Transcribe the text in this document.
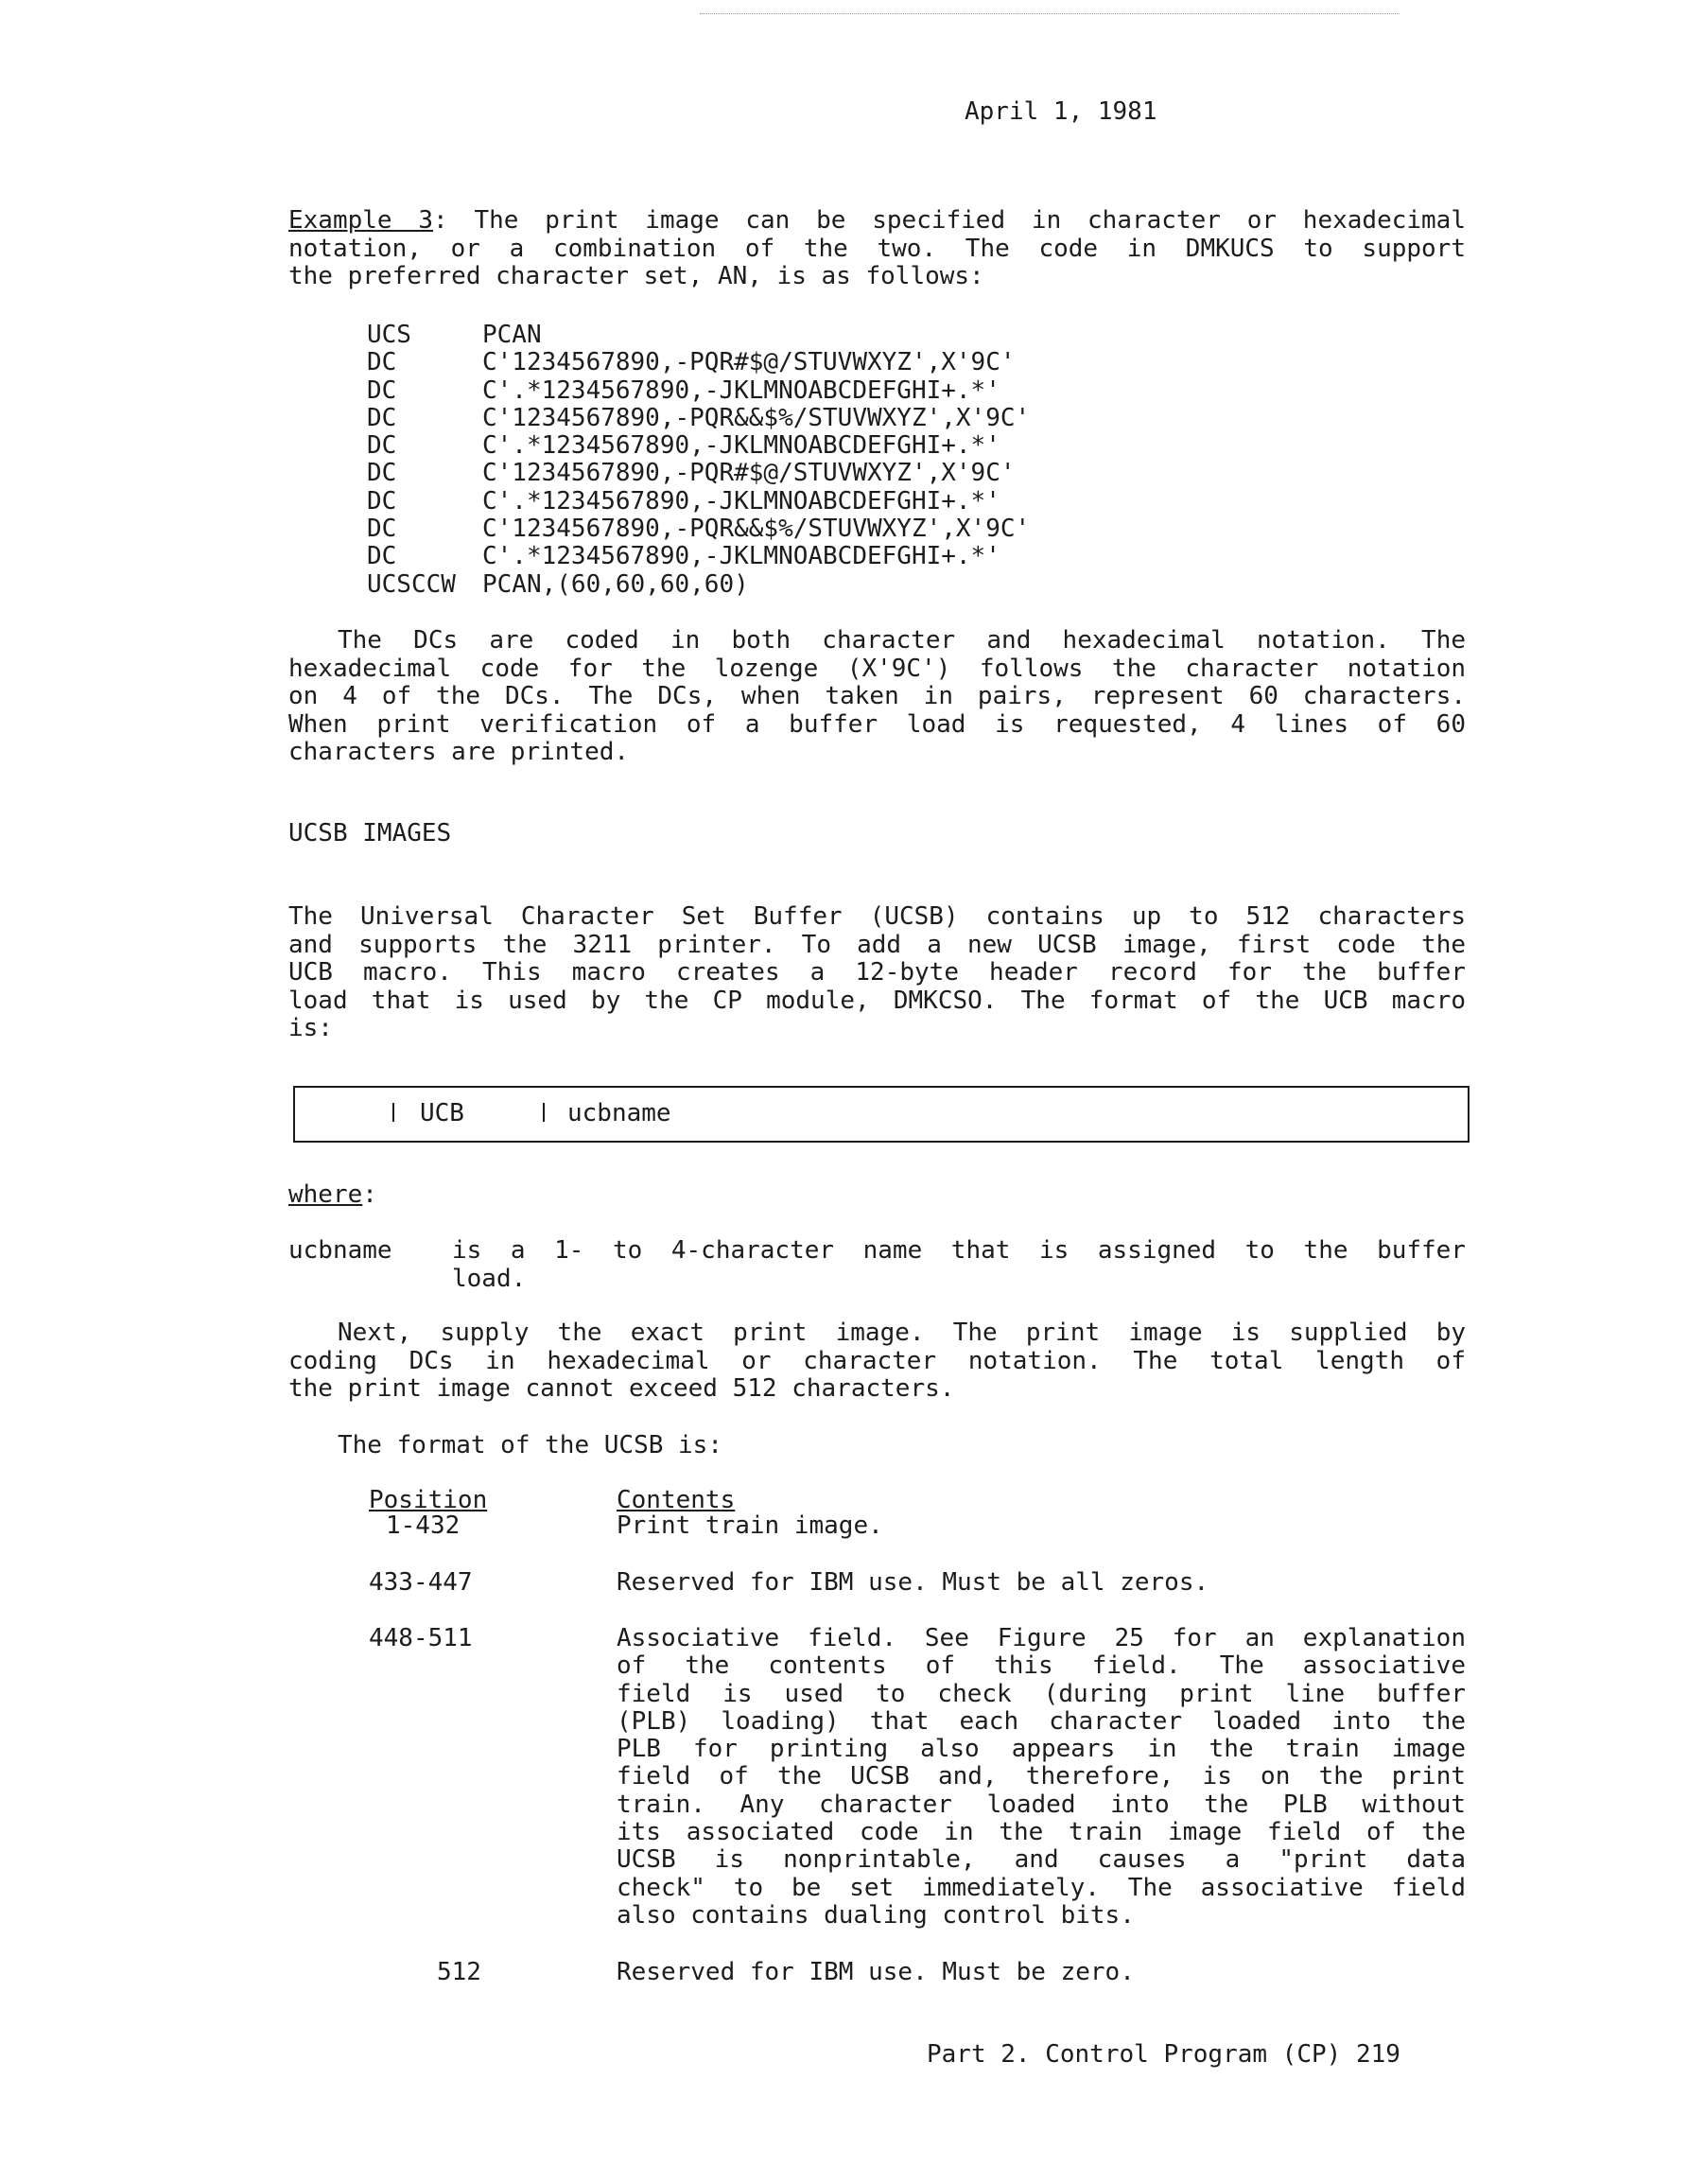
April 1, 1981
Example 3: The print image can be specified in character or hexadecimal
notation, or a combination of the two. The code in DMKUCS to support
the preferred character set, AN, is as follows:
UCS	PCAN
DC	C'1234567890,-PQR#$@/STUVWXYZ',X'9C'
DC	C'.*1234567890,-JKLMNOABCDEFGHI+.*'
DC	C'1234567890,-PQR&&$%/STUVWXYZ',X'9C'
DC	C'.*1234567890,-JKLMNOABCDEFGHI+.*'
DC	C'1234567890,-PQR#$@/STUVWXYZ',X'9C'
DC	C'.*1234567890,-JKLMNOABCDEFGHI+.*'
DC	C'1234567890,-PQR&&$%/STUVWXYZ',X'9C'
DC	C'.*1234567890,-JKLMNOABCDEFGHI+.*'
UCSCCW	PCAN,(60,60,60,60)
The DCs are coded in both character and hexadecimal notation. The
hexadecimal code for the lozenge (X'9C') follows the character notation
on 4 of the DCs. The DCs, when taken in pairs, represent 60 characters.
When print verification of a buffer load is requested, 4 lines of 60
characters are printed.
UCSB IMAGES
The Universal Character Set Buffer (UCSB) contains up to 512 characters
and supports the 3211 printer. To add a new UCSB image, first code the
UCB macro. This macro creates a 12-byte header record for the buffer
load that is used by the CP module, DMKCSO. The format of the UCB macro
is:
UCB	ucbname
where:
ucbname is a 1- to 4-character name that is assigned to the buffer
load.
Next, supply the exact print image. The print image is supplied by
coding DCs in hexadecimal or character notation. The total length of
the print image cannot exceed 512 characters.
The format of the UCSB is:
Position	Contents
1-432	Print train image.
433-447	Reserved for IBM use. Must be all zeros.
448-511	Associative field. See Figure 25 for an explanation
of the contents of this field. The associative
field is used to check (during print line buffer
(PLB) loading) that each character loaded into the
PLB for printing also appears in the train image
field of the UCSB and, therefore, is on the print
train. Any character loaded into the PLB without
its associated code in the train image field of the
UCSB is nonprintable, and causes a "print data
check" to be set immediately. The associative field
also contains dualing control bits.
512	Reserved for IBM use. Must be zero.
Part 2. Control Program (CP) 219
